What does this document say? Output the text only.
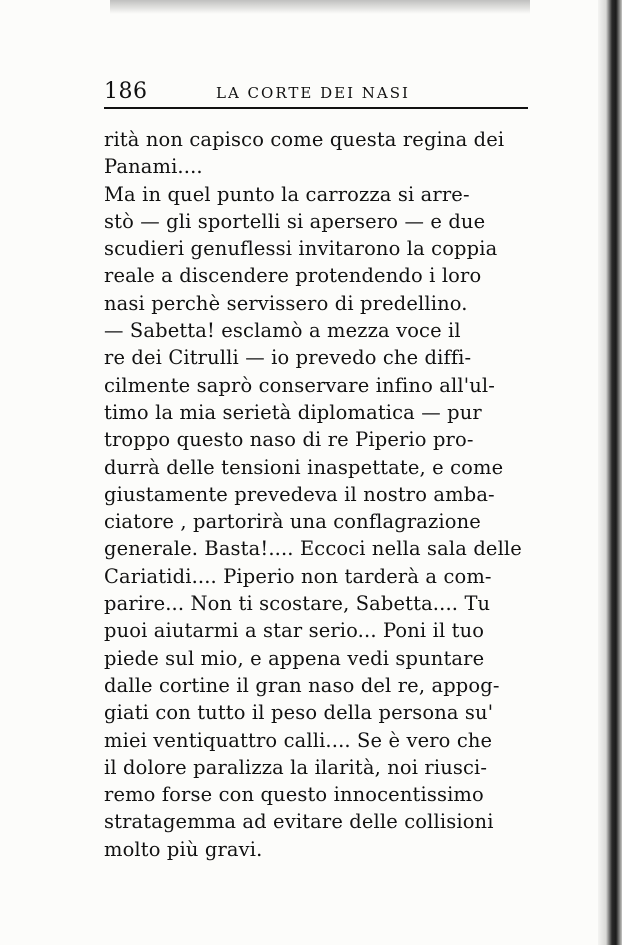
186	LA CORTE DEI NASI
rità non capisco come questa regina dei
Panami....
Ma in quel punto la carrozza si arre-
stò — gli sportelli si apersero — e due
scudieri genuflessi invitarono la coppia
reale a discendere protendendo i loro
nasi perchè servissero di predellino.
— Sabetta! esclamò a mezza voce il
re dei Citrulli — io prevedo che diffi-
cilmente saprò conservare infino all'ul-
timo la mia serietà diplomatica — pur
troppo questo naso di re Piperio pro-
durrà delle tensioni inaspettate, e come
giustamente prevedeva il nostro amba-
ciatore , partorirà una conflagrazione
generale. Basta!.... Eccoci nella sala delle
Cariatidi.... Piperio non tarderà a com-
parire... Non ti scostare, Sabetta.... Tu
puoi aiutarmi a star serio... Poni il tuo
piede sul mio, e appena vedi spuntare
dalle cortine il gran naso del re, appog-
giati con tutto il peso della persona su'
miei ventiquattro calli.... Se è vero che
il dolore paralizza la ilarità, noi riusci-
remo forse con questo innocentissimo
stratagemma ad evitare delle collisioni
molto più gravi.
